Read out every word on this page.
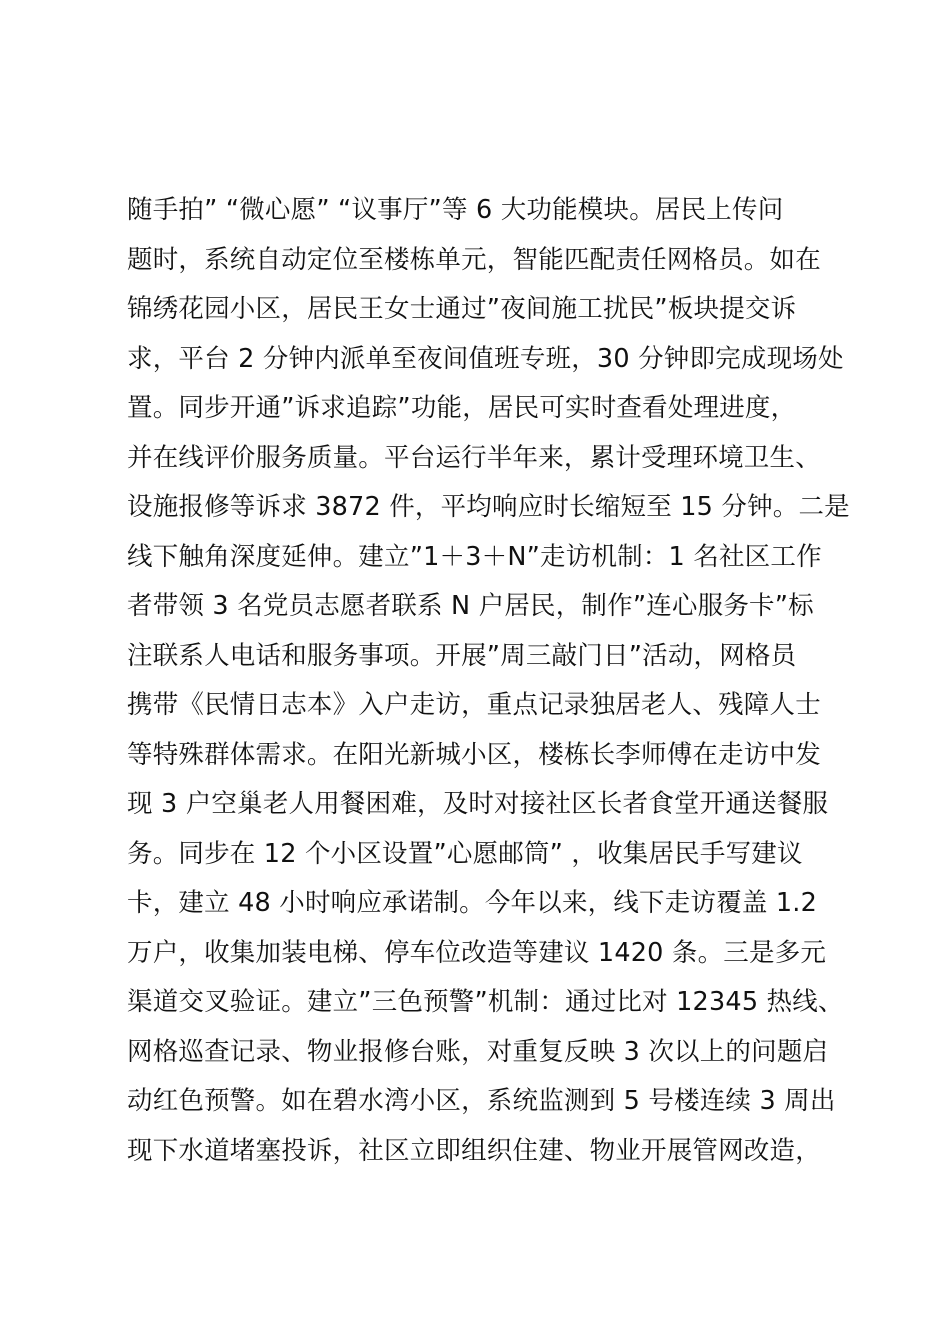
随手拍” “微心愿” “议事厅”等 6 大功能模块。居民上传问
题时，系统自动定位至楼栋单元，智能匹配责任网格员。如在
锦绣花园小区，居民王女士通过”夜间施工扰民”板块提交诉
求，平台 2 分钟内派单至夜间值班专班，30 分钟即完成现场处
置。同步开通”诉求追踪”功能，居民可实时查看处理进度，
并在线评价服务质量。平台运行半年来，累计受理环境卫生、
设施报修等诉求 3872 件，平均响应时长缩短至 15 分钟。二是
线下触角深度延伸。建立”1＋3＋N”走访机制：1 名社区工作
者带领 3 名党员志愿者联系 N 户居民，制作”连心服务卡”标
注联系人电话和服务事项。开展”周三敲门日”活动，网格员
携带《民情日志本》入户走访，重点记录独居老人、残障人士
等特殊群体需求。在阳光新城小区，楼栋长李师傅在走访中发
现 3 户空巢老人用餐困难，及时对接社区长者食堂开通送餐服
务。同步在 12 个小区设置”心愿邮筒” ，收集居民手写建议
卡，建立 48 小时响应承诺制。今年以来，线下走访覆盖 1.2
万户，收集加装电梯、停车位改造等建议 1420 条。三是多元
渠道交叉验证。建立”三色预警”机制：通过比对 12345 热线、
网格巡查记录、物业报修台账，对重复反映 3 次以上的问题启
动红色预警。如在碧水湾小区，系统监测到 5 号楼连续 3 周出
现下水道堵塞投诉，社区立即组织住建、物业开展管网改造，
